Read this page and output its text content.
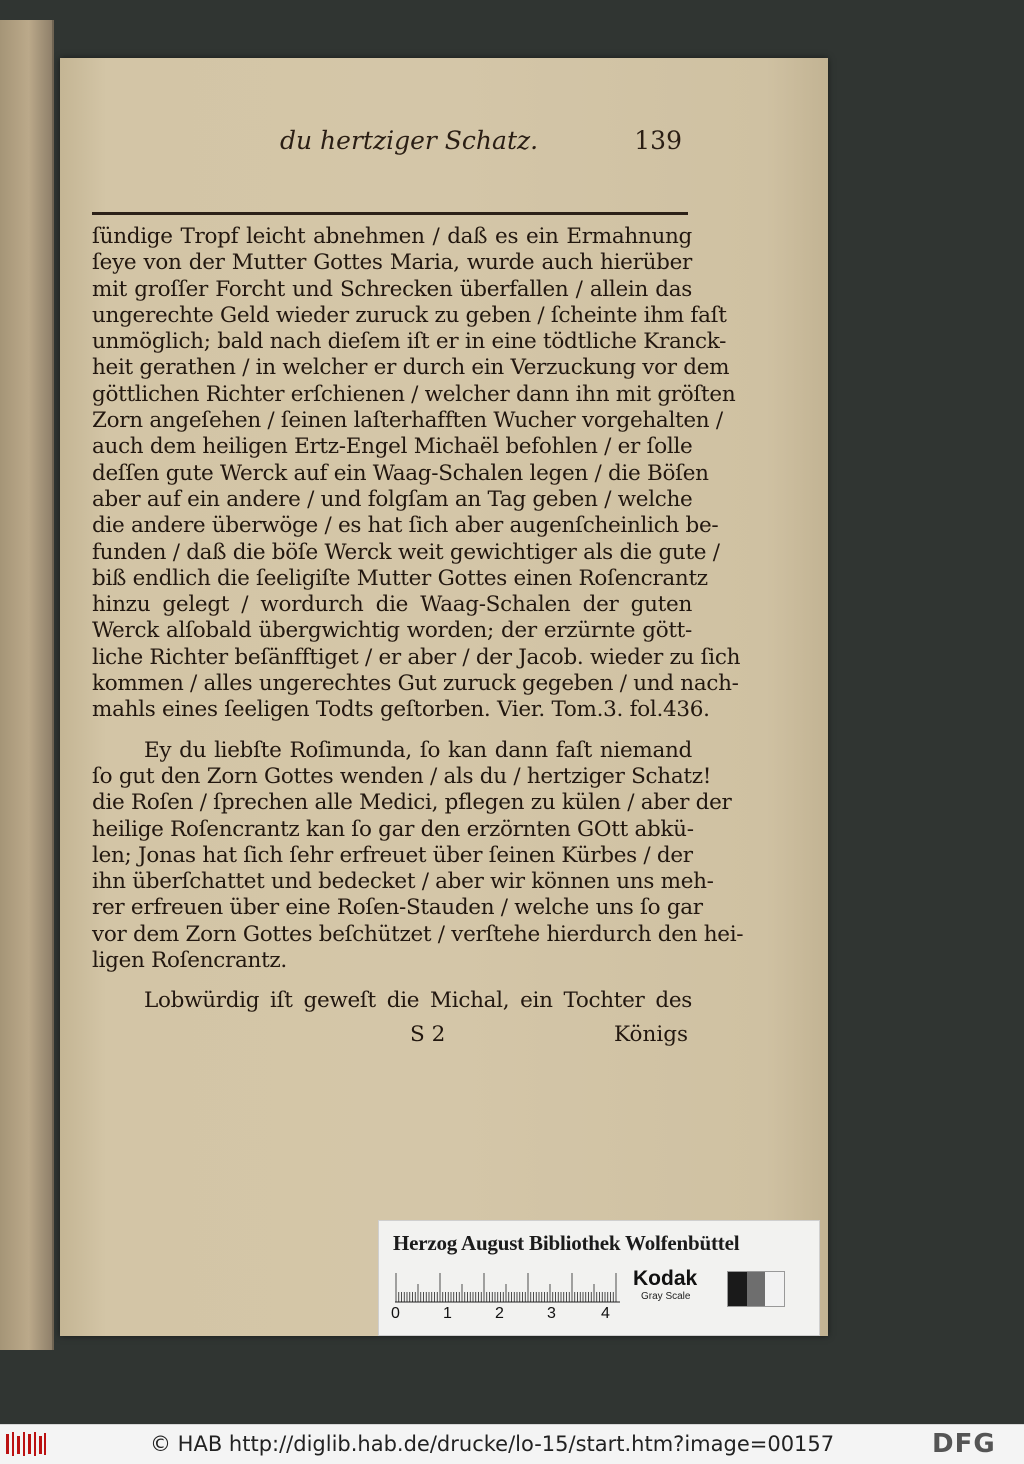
du hertziger Schatz.	139
ſündige Tropf leicht abnehmen / daß es ein Ermahnung
ſeye von der Mutter Gottes Maria, wurde auch hierüber
mit groſſer Forcht und Schrecken überfallen / allein das
ungerechte Geld wieder zuruck zu geben / ſcheinte ihm faſt
unmöglich; bald nach dieſem iſt er in eine tödtliche Kranck-
heit gerathen / in welcher er durch ein Verzuckung vor dem
göttlichen Richter erſchienen / welcher dann ihn mit gröſten
Zorn angeſehen / ſeinen laſterhafften Wucher vorgehalten /
auch dem heiligen Ertz-Engel Michaël befohlen / er ſolle
deſſen gute Werck auf ein Waag-Schalen legen / die Böſen
aber auf ein andere / und folgſam an Tag geben / welche
die andere überwöge / es hat ſich aber augenſcheinlich be-
funden / daß die böſe Werck weit gewichtiger als die gute /
biß endlich die ſeeligiſte Mutter Gottes einen Roſencrantz
hinzu gelegt / wordurch die Waag-Schalen der guten
Werck alſobald übergwichtig worden; der erzürnte gött-
liche Richter beſänfftiget / er aber / der Jacob. wieder zu ſich
kommen / alles ungerechtes Gut zuruck gegeben / und nach-
mahls eines ſeeligen Todts geſtorben. Vier. Tom.3. fol.436.
Ey du liebſte Roſimunda, ſo kan dann faſt niemand
ſo gut den Zorn Gottes wenden / als du / hertziger Schatz!
die Roſen / ſprechen alle Medici, pflegen zu külen / aber der
heilige Roſencrantz kan ſo gar den erzörnten GOtt abkü-
len; Jonas hat ſich ſehr erfreuet über ſeinen Kürbes / der
ihn überſchattet und bedecket / aber wir können uns meh-
rer erfreuen über eine Roſen-Stauden / welche uns ſo gar
vor dem Zorn Gottes beſchützet / verſtehe hierdurch den hei-
ligen Roſencrantz.
Lobwürdig iſt geweſt die Michal, ein Tochter des
S 2	Königs
Herzog August Bibliothek Wolfenbüttel
0	1	2	3	4
Kodak
Gray Scale
© HAB http://diglib.hab.de/drucke/lo-15/start.htm?image=00157	DFG
